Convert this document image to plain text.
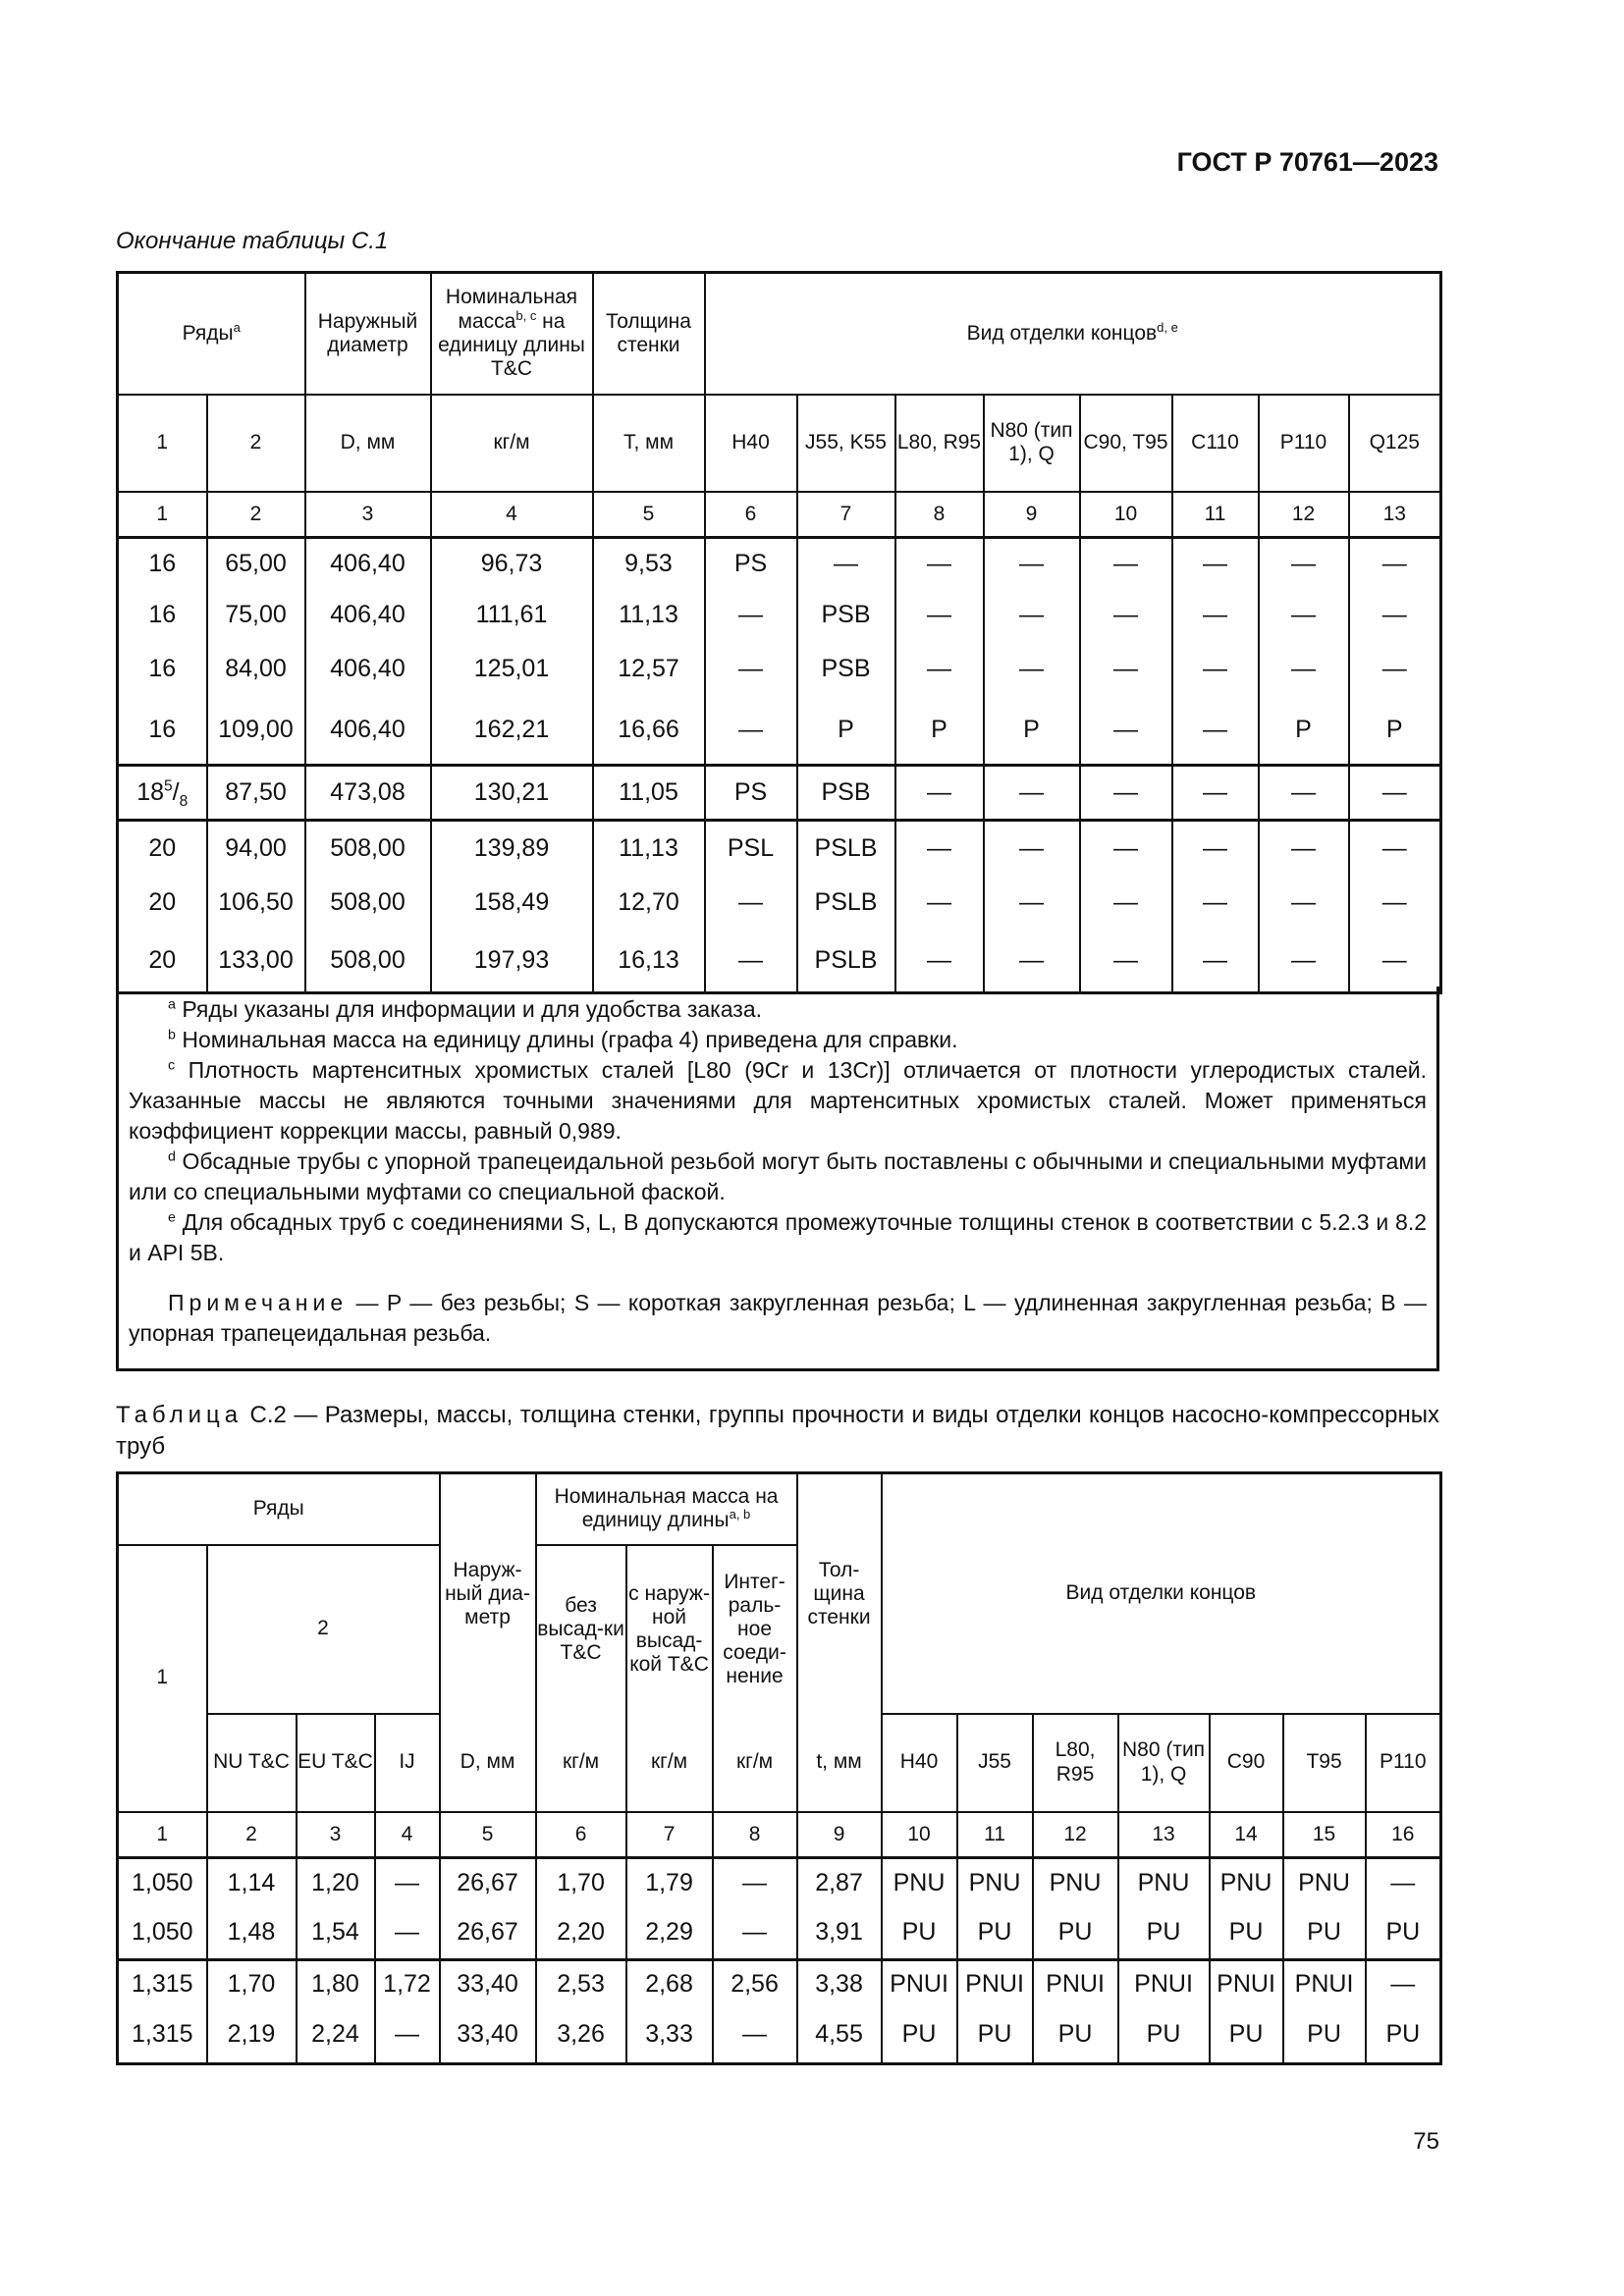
ГОСТ Р 70761—2023
Окончание таблицы С.1
Ряды$^a$		Наружный диаметр	Номинальная масса$^{b, c}$ на единицу длины T&C	Толщина стенки	Вид отделки концов$^{d, e}$
1	2	D, мм	кг/м	T, мм	H40	J55, K55	L80, R95	N80 (тип 1), Q	C90, T95	C110	P110	Q125
1	2	3	4	5	6	7	8	9	10	11	12	13
16	65,00	406,40	96,73	9,53	PS	—	—	—	—	—	—	—
16	75,00	406,40	111,61	11,13	—	PSB	—	—	—	—	—	—
16	84,00	406,40	125,01	12,57	—	PSB	—	—	—	—	—	—
16	109,00	406,40	162,21	16,66	—	P	P	P	—	—	P	P
$18^5/_8$	87,50	473,08	130,21	11,05	PS	PSB	—	—	—	—	—	—
20	94,00	508,00	139,89	11,13	PSL	PSLB	—	—	—	—	—	—
20	106,50	508,00	158,49	12,70	—	PSLB	—	—	—	—	—	—
20	133,00	508,00	197,93	16,13	—	PSLB	—	—	—	—	—	—

$^a$ Ряды указаны для информации и для удобства заказа.

$^b$ Номинальная масса на единицу длины (графа 4) приведена для справки.

$^c$ Плотность мартенситных хромистых сталей [L80 (9Cr и 13Cr)] отличается от плотности углеродистых сталей. Указанные массы не являются точными значениями для мартенситных хромистых сталей. Может применяться коэффициент коррекции массы, равный 0,989.

$^d$ Обсадные трубы с упорной трапецеидальной резьбой могут быть поставлены с обычными и специальными муфтами или со специальными муфтами со специальной фаской.

$^e$ Для обсадных труб с соединениями S, L, B допускаются промежуточные толщины стенок в соответствии с 5.2.3 и 8.2 и API 5B.

Примечание — P — без резьбы; S — короткая закругленная резьба; L — удлиненная закругленная резьба; B — упорная трапецеидальная резьба.

Таблица С.2 — Размеры, массы, толщина стенки, группы прочности и виды отделки концов насосно-компрессорных труб
Ряды				Наруж-ный диа-метр	Номинальная масса на единицу длины$^{a, b}$			Тол-щина стенки	Вид отделки концов						
1	2				без высад-ки T&C	с наруж-ной высад-кой T&C	Интег-раль-ное соеди-нение								
	NU T&C	EU T&C	IJ	D, мм	кг/м	кг/м	кг/м	t, мм	H40	J55	L80, R95	N80 (тип 1), Q	C90	T95	P110
1	2	3	4	5	6	7	8	9	10	11	12	13	14	15	16
1,050	1,14	1,20	—	26,67	1,70	1,79	—	2,87	PNU	PNU	PNU	PNU	PNU	PNU	—
1,050	1,48	1,54	—	26,67	2,20	2,29	—	3,91	PU	PU	PU	PU	PU	PU	PU
1,315	1,70	1,80	1,72	33,40	2,53	2,68	2,56	3,38	PNUI	PNUI	PNUI	PNUI	PNUI	PNUI	—
1,315	2,19	2,24	—	33,40	3,26	3,33	—	4,55	PU	PU	PU	PU	PU	PU	PU
75
